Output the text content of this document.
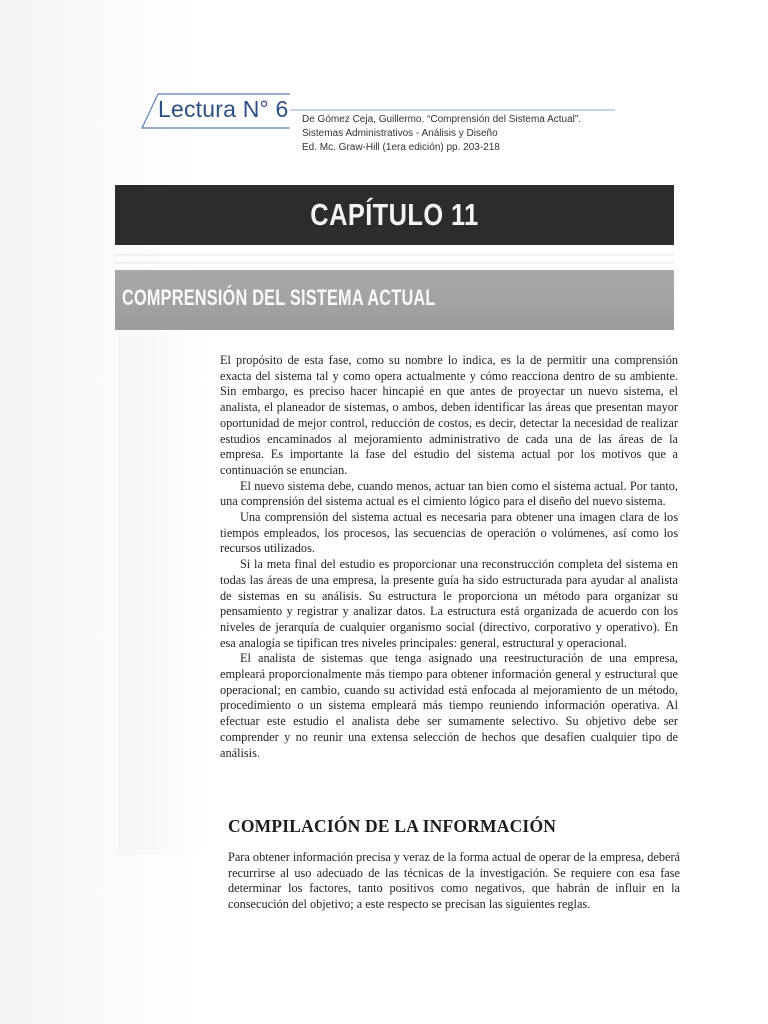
Lectura N° 6 De Gómez Ceja, Guillermo. “Comprensión del Sistema Actual”.
Sistemas Administrativos - Análisis y Diseño
Ed. Mc. Graw-Hill (1era edición) pp. 203-218
CAPÍTULO 11
COMPRENSIÓN DEL SISTEMA ACTUAL

El propósito de esta fase, como su nombre lo indica, es la de permitir una comprensión exacta del sistema tal y como opera actualmente y cómo reacciona dentro de su ambiente. Sin embargo, es preciso hacer hincapié en que antes de proyectar un nuevo sistema, el analista, el planeador de sistemas, o ambos, deben identificar las áreas que presentan mayor oportunidad de mejor control, reducción de costos, es decir, detectar la necesidad de realizar estudios encaminados al mejoramiento administrativo de cada una de las áreas de la empresa. Es importante la fase del estudio del sistema actual por los motivos que a continuación se enuncian.

El nuevo sistema debe, cuando menos, actuar tan bien como el sistema actual. Por tanto, una comprensión del sistema actual es el cimiento lógico para el diseño del nuevo sistema.

Una comprensión del sistema actual es necesaria para obtener una imagen clara de los tiempos empleados, los procesos, las secuencias de operación o volúmenes, así como los recursos utilizados.

Si la meta final del estudio es proporcionar una reconstrucción completa del sistema en todas las áreas de una empresa, la presente guía ha sido estructurada para ayudar al analista de sistemas en su análisis. Su estructura le proporciona un método para organizar su pensamiento y registrar y analizar datos. La estructura está organizada de acuerdo con los niveles de jerarquía de cualquier organismo social (directivo, corporativo y operativo). En esa analogía se tipifican tres niveles principales: general, estructural y operacional.

El analista de sistemas que tenga asignado una reestructuración de una empresa, empleará proporcionalmente más tiempo para obtener información general y estructural que operacional; en cambio, cuando su actividad está enfocada al mejoramiento de un método, procedimiento o un sistema empleará más tiempo reuniendo información operativa. Al efectuar este estudio el analista debe ser sumamente selectivo. Su objetivo debe ser comprender y no reunir una extensa selección de hechos que desafíen cualquier tipo de análisis.

COMPILACIÓN DE LA INFORMACIÓN

Para obtener información precisa y veraz de la forma actual de operar de la empresa, deberá recurrirse al uso adecuado de las técnicas de la investigación. Se requiere con esa fase determinar los factores, tanto positivos como negativos, que habrán de influir en la consecución del objetivo; a este respecto se precisan las siguientes reglas.
